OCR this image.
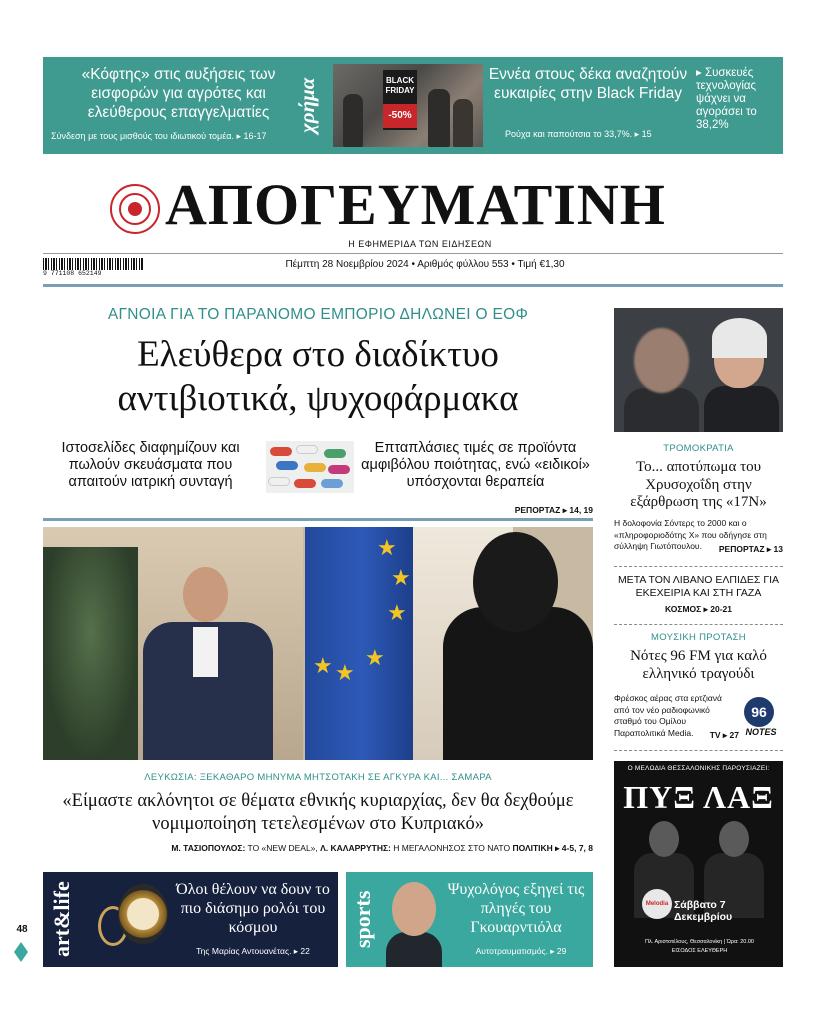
«Κόφτης» στις αυξήσεις των εισφορών για αγρότες και ελεύθερους επαγγελματίες
Σύνδεση με τους μισθούς του ιδιωτικού τομέα. ▸ 16-17
χρήμα	BLACK FRIDAY
-50%
Εννέα στους δέκα αναζητούν ευκαιρίες στην Black Friday
Ρούχα και παπούτσια το 33,7%. ▸ 15
▸ Συσκευές τεχνολογίας ψάχνει να αγοράσει το 38,2%
ΑΠΟΓΕΥΜΑΤΙΝΗ
Η ΕΦΗΜΕΡΙΔΑ ΤΩΝ ΕΙΔΗΣΕΩΝ
9 771108 652149
Πέμπτη 28 Νοεμβρίου 2024 • Αριθμός φύλλου 553 • Τιμή €1,30
ΑΓΝΟΙΑ ΓΙΑ ΤΟ ΠΑΡΑΝΟΜΟ ΕΜΠΟΡΙΟ ΔΗΛΩΝΕΙ Ο ΕΟΦ
Ελεύθερα στο διαδίκτυο αντιβιοτικά, ψυχοφάρμακα
Ιστοσελίδες διαφημίζουν και πωλούν σκευάσματα που απαιτούν ιατρική συνταγή
Επταπλάσιες τιμές σε προϊόντα αμφιβόλου ποιότητας, ενώ «ειδικοί» υπόσχονται θεραπεία
ΡΕΠΟΡΤΑΖ ▸ 14, 19
★
★
★
★
★
★
ΛΕΥΚΩΣΙΑ: ΞΕΚΑΘΑΡΟ ΜΗΝΥΜΑ ΜΗΤΣΟΤΑΚΗ ΣΕ ΑΓΚΥΡΑ ΚΑΙ... ΣΑΜΑΡΑ
«Είμαστε ακλόνητοι σε θέματα εθνικής κυριαρχίας, δεν θα δεχθούμε νομιμοποίηση τετελεσμένων στο Κυπριακό»
Μ. ΤΑΣΙΟΠΟΥΛΟΣ: ΤΟ «NEW DEAL», Λ. ΚΑΛΑΡΡΥΤΗΣ: Η ΜΕΓΑΛΟΝΗΣΟΣ ΣΤΟ ΝΑΤΟ ΠΟΛΙΤΙΚΗ ▸ 4-5, 7, 8
art&life	Όλοι θέλουν να δουν το πιο διάσημο ρολόι του κόσμου
Της Μαρίας Αντουανέτας. ▸ 22
sports
Ψυχολόγος εξηγεί τις πληγές του Γκουαρντιόλα
Αυτοτραυματισμός. ▸ 29
48
ΤΡΟΜΟΚΡΑΤΙΑ
Το... αποτύπωμα του Χρυσοχοΐδη στην εξάρθρωση της «17Ν»
Η δολοφονία Σόντερς το 2000 και ο «πληροφοριοδότης Χ» που οδήγησε στη σύλληψη Γιωτόπουλου.	ΡΕΠΟΡΤΑΖ ▸ 13
ΜΕΤΑ ΤΟΝ ΛΙΒΑΝΟ ΕΛΠΙΔΕΣ ΓΙΑ ΕΚΕΧΕΙΡΙΑ ΚΑΙ ΣΤΗ ΓΑΖΑ
ΚΟΣΜΟΣ ▸ 20-21
ΜΟΥΣΙΚΗ ΠΡΟΤΑΣΗ
Νότες 96 FM για καλό ελληνικό τραγούδι
Φρέσκος αέρας στα ερτζιανά από τον νέο ραδιοφωνικό σταθμό του Ομίλου Παραπολιτικά Media.	TV ▸ 27
96
NOTES
Ο ΜΕΛΩΔΙΑ ΘΕΣΣΑΛΟΝΙΚΗΣ ΠΑΡΟΥΣΙΑΖΕΙ:
ΠΥΞ ΛΑΞ
Melodia Σάββατο 7 Δεκεμβρίου
Πλ. Αριστοτέλους, Θεσσαλονίκη | Ώρα: 20.00
ΕΙΣΟΔΟΣ ΕΛΕΥΘΕΡΗ
